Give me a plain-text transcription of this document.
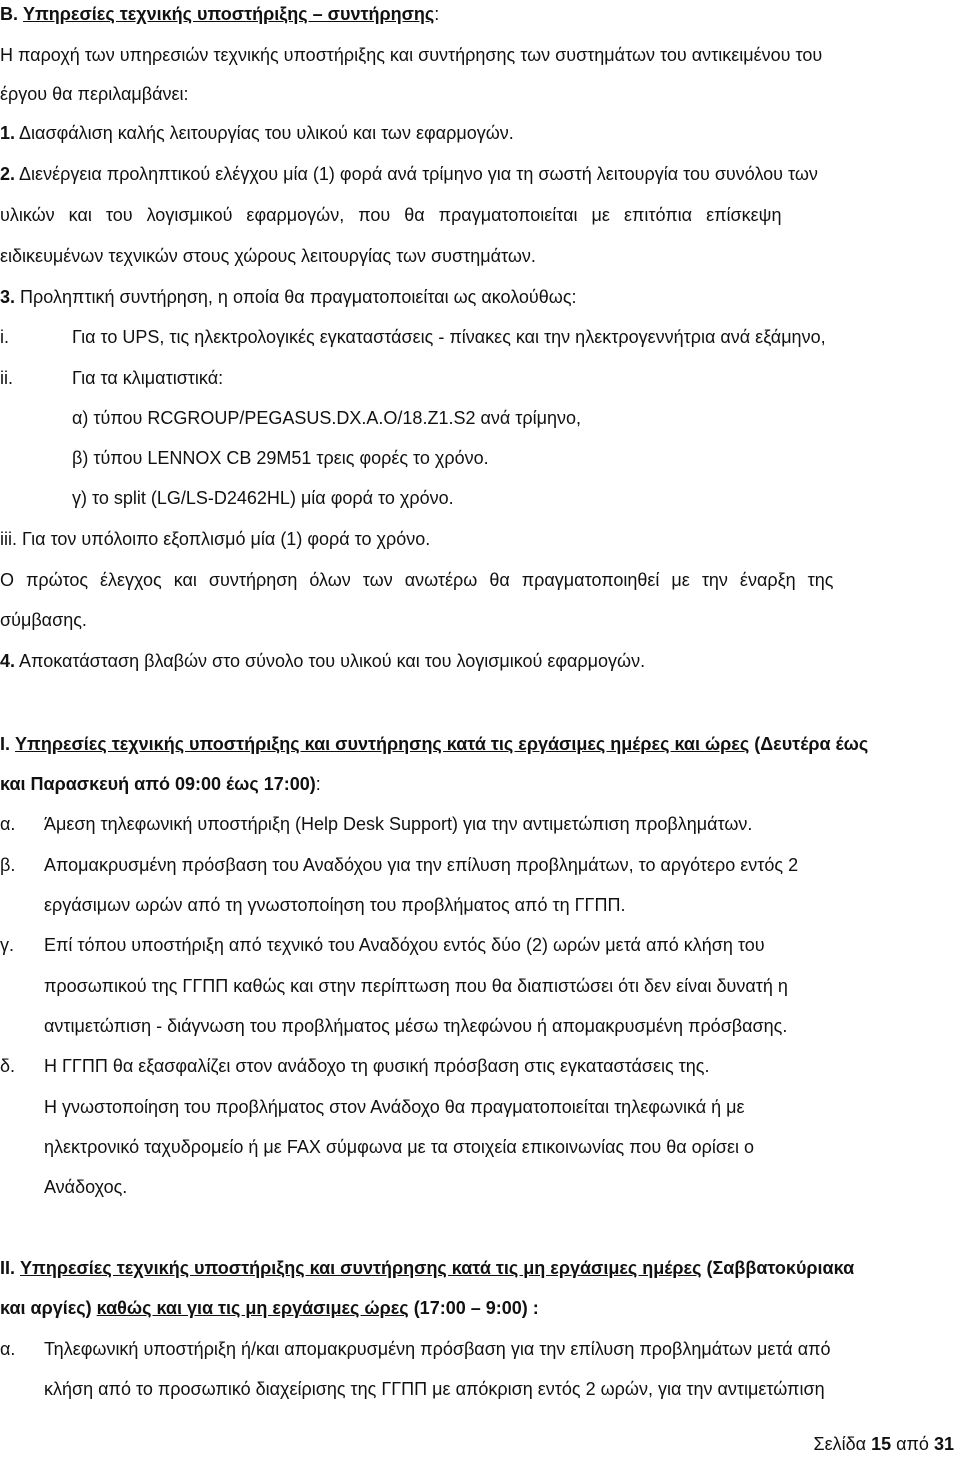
B. Υπηρεσίες τεχνικής υποστήριξης – συντήρησης:
Η παροχή των υπηρεσιών τεχνικής υποστήριξης και συντήρησης των συστημάτων του αντικειμένου του
έργου θα περιλαμβάνει:
1. Διασφάλιση καλής λειτουργίας του υλικού και των εφαρμογών.
2. Διενέργεια προληπτικού ελέγχου μία (1) φορά ανά τρίμηνο για τη σωστή λειτουργία του συνόλου των
υλικών και του λογισμικού εφαρμογών, που θα πραγματοποιείται με επιτόπια επίσκεψη
ειδικευμένων τεχνικών στους χώρους λειτουργίας των συστημάτων.
3. Προληπτική συντήρηση, η οποία θα πραγματοποιείται ως ακολούθως:
i.	Για το UPS, τις ηλεκτρολογικές εγκαταστάσεις - πίνακες και την ηλεκτρογεννήτρια ανά εξάμηνο,
ii.	Για τα κλιματιστικά:
α) τύπου RCGROUP/PEGASUS.DX.A.O/18.Z1.S2 ανά τρίμηνο,
β) τύπου LENNOX CB 29M51 τρεις φορές το χρόνο.
γ) το split (LG/LS-D2462HL) μία φορά το χρόνο.
iii. Για τον υπόλοιπο εξοπλισμό μία (1) φορά το χρόνο.
Ο πρώτος έλεγχος και συντήρηση όλων των ανωτέρω θα πραγματοποιηθεί με την έναρξη της
σύμβασης.
4. Αποκατάσταση βλαβών στο σύνολο του υλικού και του λογισμικού εφαρμογών.
I. Υπηρεσίες τεχνικής υποστήριξης και συντήρησης κατά τις εργάσιμες ημέρες και ώρες (Δευτέρα έως
και Παρασκευή από 09:00 έως 17:00):
α. Άμεση τηλεφωνική υποστήριξη (Help Desk Support) για την αντιμετώπιση προβλημάτων.
β. Απομακρυσμένη πρόσβαση του Αναδόχου για την επίλυση προβλημάτων, το αργότερο εντός 2
εργάσιμων ωρών από τη γνωστοποίηση του προβλήματος από τη ΓΓΠΠ.
γ. Επί τόπου υποστήριξη από τεχνικό του Αναδόχου εντός δύο (2) ωρών μετά από κλήση του
προσωπικού της ΓΓΠΠ καθώς και στην περίπτωση που θα διαπιστώσει ότι δεν είναι δυνατή η
αντιμετώπιση - διάγνωση του προβλήματος μέσω τηλεφώνου ή απομακρυσμένη πρόσβασης.
δ. Η ΓΓΠΠ θα εξασφαλίζει στον ανάδοχο τη φυσική πρόσβαση στις εγκαταστάσεις της.
Η γνωστοποίηση του προβλήματος στον Ανάδοχο θα πραγματοποιείται τηλεφωνικά ή με
ηλεκτρονικό ταχυδρομείο ή με FAX σύμφωνα με τα στοιχεία επικοινωνίας που θα ορίσει ο
Ανάδοχος.
II. Υπηρεσίες τεχνικής υποστήριξης και συντήρησης κατά τις μη εργάσιμες ημέρες (Σαββατοκύριακα
και αργίες) καθώς και για τις μη εργάσιμες ώρες (17:00 – 9:00) :
α. Τηλεφωνική υποστήριξη ή/και απομακρυσμένη πρόσβαση για την επίλυση προβλημάτων μετά από
κλήση από το προσωπικό διαχείρισης της ΓΓΠΠ με απόκριση εντός 2 ωρών, για την αντιμετώπιση
Σελίδα 15 από 31
